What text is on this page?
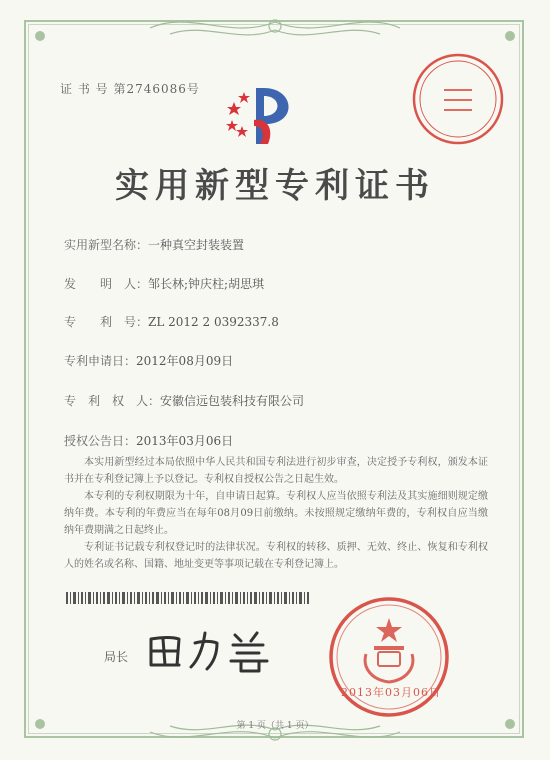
证 书 号 第2746086号
实用新型专利证书
实用新型名称：一种真空封装装置
发　　明　人：邹长林;钟庆柱;胡思琪
专　　利　号：ZL 2012 2 0392337.8
专利申请日：2012年08月09日
专　利　权　人：安徽信远包装科技有限公司
授权公告日：2013年03月06日

本实用新型经过本局依照中华人民共和国专利法进行初步审查，决定授予专利权，颁发本证书并在专利登记簿上予以登记。专利权自授权公告之日起生效。

本专利的专利权期限为十年，自申请日起算。专利权人应当依照专利法及其实施细则规定缴纳年费。本专利的年费应当在每年08月09日前缴纳。未按照规定缴纳年费的，专利权自应当缴纳年费期满之日起终止。

专利证书记载专利权登记时的法律状况。专利权的转移、质押、无效、终止、恢复和专利权人的姓名或名称、国籍、地址变更等事项记载在专利登记簿上。

局长
2013年03月06日
第 1 页（共 1 页）
